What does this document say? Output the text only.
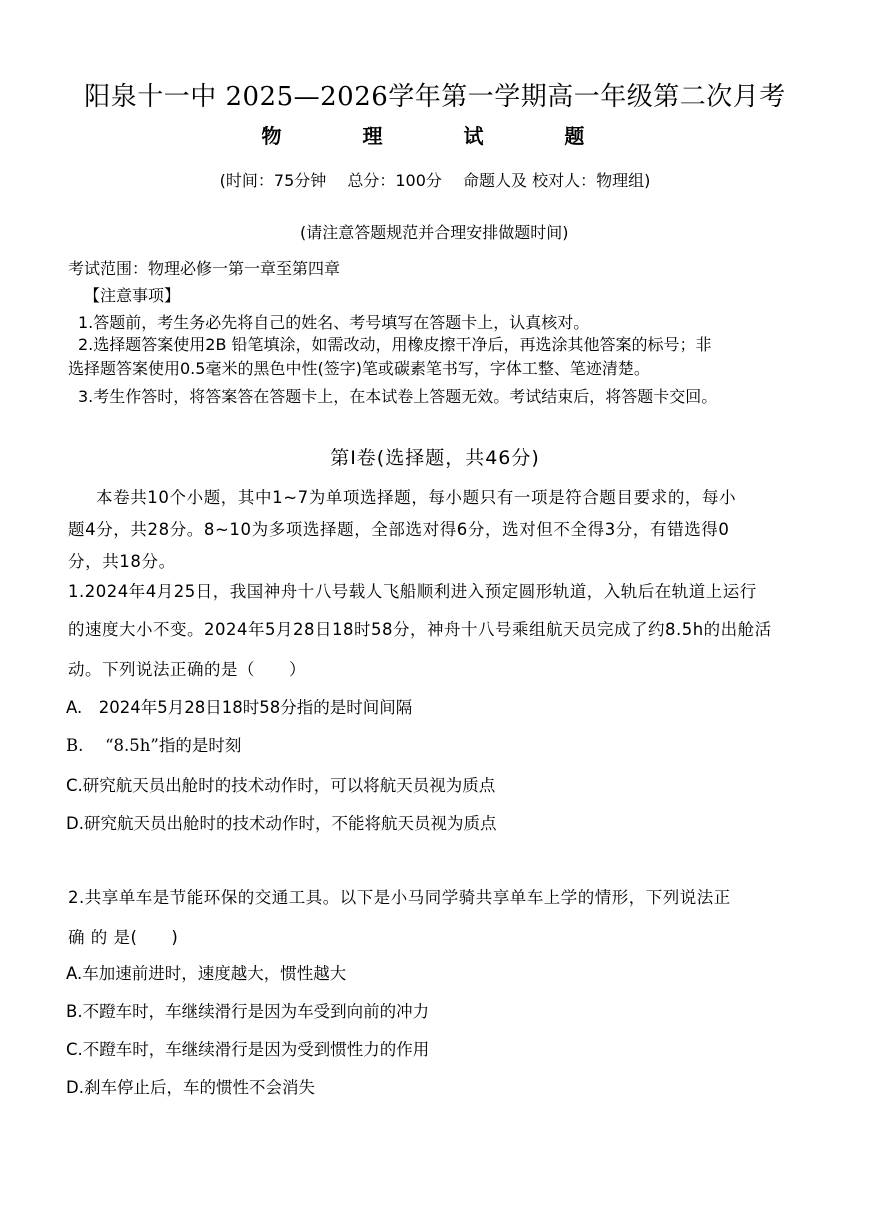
阳泉十一中 2025—2026学年第一学期高一年级第二次月考
物 理 试 题
(时间：75分钟　 总分：100分　 命题人及 校对人：物理组)
(请注意答题规范并合理安排做题时间)
考试范围：物理必修一第一章至第四章
【注意事项】
1.答题前，考生务必先将自己的姓名、考号填写在答题卡上，认真核对。
2.选择题答案使用2B 铅笔填涂，如需改动，用橡皮擦干净后，再选涂其他答案的标号；非
选择题答案使用0.5毫米的黑色中性(签字)笔或碳素笔书写，字体工整、笔迹清楚。
3.考生作答时，将答案答在答题卡上，在本试卷上答题无效。考试结束后，将答题卡交回。
第Ⅰ卷(选择题，共46分)
本卷共10个小题，其中1~7为单项选择题，每小题只有一项是符合题目要求的，每小
题4分，共28分。8~10为多项选择题，全部选对得6分，选对但不全得3分，有错选得0
分，共18分。
1.2024年4月25日，我国神舟十八号载人飞船顺利进入预定圆形轨道，入轨后在轨道上运行
的速度大小不变。2024年5月28日18时58分，神舟十八号乘组航天员完成了约8.5h的出舱活
动。下列说法正确的是（　　）
A.　2024年5月28日18时58分指的是时间间隔
B.　 “8.5h”指的是时刻
C.研究航天员出舱时的技术动作时，可以将航天员视为质点
D.研究航天员出舱时的技术动作时，不能将航天员视为质点
2.共享单车是节能环保的交通工具。以下是小马同学骑共享单车上学的情形，下列说法正
确 的 是(　　)
A.车加速前进时，速度越大，惯性越大
B.不蹬车时，车继续滑行是因为车受到向前的冲力
C.不蹬车时，车继续滑行是因为受到惯性力的作用
D.刹车停止后，车的惯性不会消失
